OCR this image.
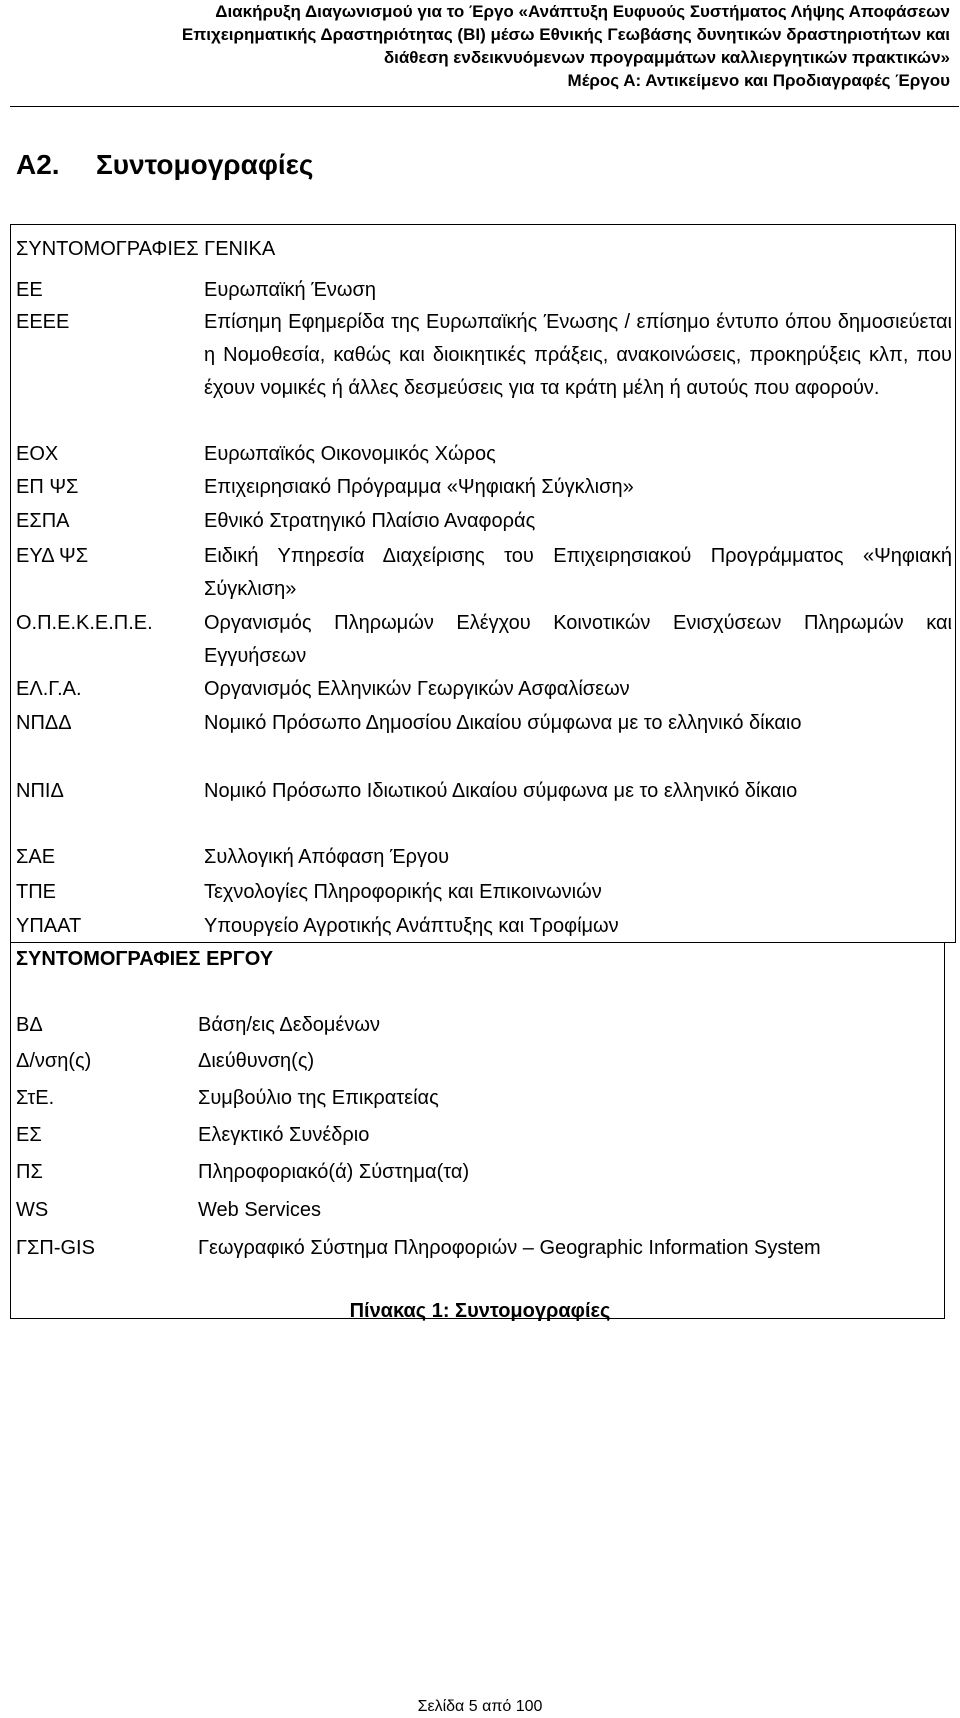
Διακήρυξη Διαγωνισμού για το Έργο «Ανάπτυξη Ευφυούς Συστήματος Λήψης Αποφάσεων
Επιχειρηματικής Δραστηριότητας (BI) μέσω Εθνικής Γεωβάσης δυνητικών δραστηριοτήτων και
διάθεση ενδεικνυόμενων προγραμμάτων καλλιεργητικών πρακτικών»
Μέρος Α: Αντικείμενο και Προδιαγραφές Έργου
Α2. Συντομογραφίες
ΣΥΝΤΟΜΟΓΡΑΦΙΕΣ ΓΕΝΙΚΑ
ΕΕ	Ευρωπαϊκή Ένωση
ΕΕΕΕ	Επίσημη Εφημερίδα της Ευρωπαϊκής Ένωσης / επίσημο έντυπο όπου δημοσιεύεται η Νομοθεσία, καθώς και διοικητικές πράξεις, ανακοινώσεις, προκηρύξεις κλπ, που έχουν νομικές ή άλλες δεσμεύσεις για τα κράτη μέλη ή αυτούς που αφορούν.
ΕΟΧ	Ευρωπαϊκός Οικονομικός Χώρος
ΕΠ ΨΣ	Επιχειρησιακό Πρόγραμμα «Ψηφιακή Σύγκλιση»
ΕΣΠΑ	Εθνικό Στρατηγικό Πλαίσιο Αναφοράς
ΕΥΔ ΨΣ	Ειδική Υπηρεσία Διαχείρισης του Επιχειρησιακού Προγράμματος «Ψηφιακή Σύγκλιση»
Ο.Π.Ε.Κ.Ε.Π.Ε.	Οργανισμός Πληρωμών Ελέγχου Κοινοτικών Ενισχύσεων Πληρωμών και Εγγυήσεων
ΕΛ.Γ.Α.	Οργανισμός Ελληνικών Γεωργικών Ασφαλίσεων
ΝΠΔΔ	Νομικό Πρόσωπο Δημοσίου Δικαίου σύμφωνα με το ελληνικό δίκαιο
ΝΠΙΔ	Νομικό Πρόσωπο Ιδιωτικού Δικαίου σύμφωνα με το ελληνικό δίκαιο
ΣΑΕ	Συλλογική Απόφαση Έργου
ΤΠΕ	Τεχνολογίες Πληροφορικής και Επικοινωνιών
ΥΠΑΑΤ	Υπουργείο Αγροτικής Ανάπτυξης και Τροφίμων
ΣΥΝΤΟΜΟΓΡΑΦΙΕΣ ΕΡΓΟΥ
ΒΔ	Βάση/εις Δεδομένων
Δ/νση(ς)	Διεύθυνση(ς)
ΣτΕ.	Συμβούλιο της Επικρατείας
ΕΣ	Ελεγκτικό Συνέδριο
ΠΣ	Πληροφοριακό(ά) Σύστημα(τα)
WS	Web Services
ΓΣΠ-GIS	Γεωγραφικό Σύστημα Πληροφοριών – Geographic Information System
Πίνακας 1: Συντομογραφίες
Σελίδα 5 από 100
